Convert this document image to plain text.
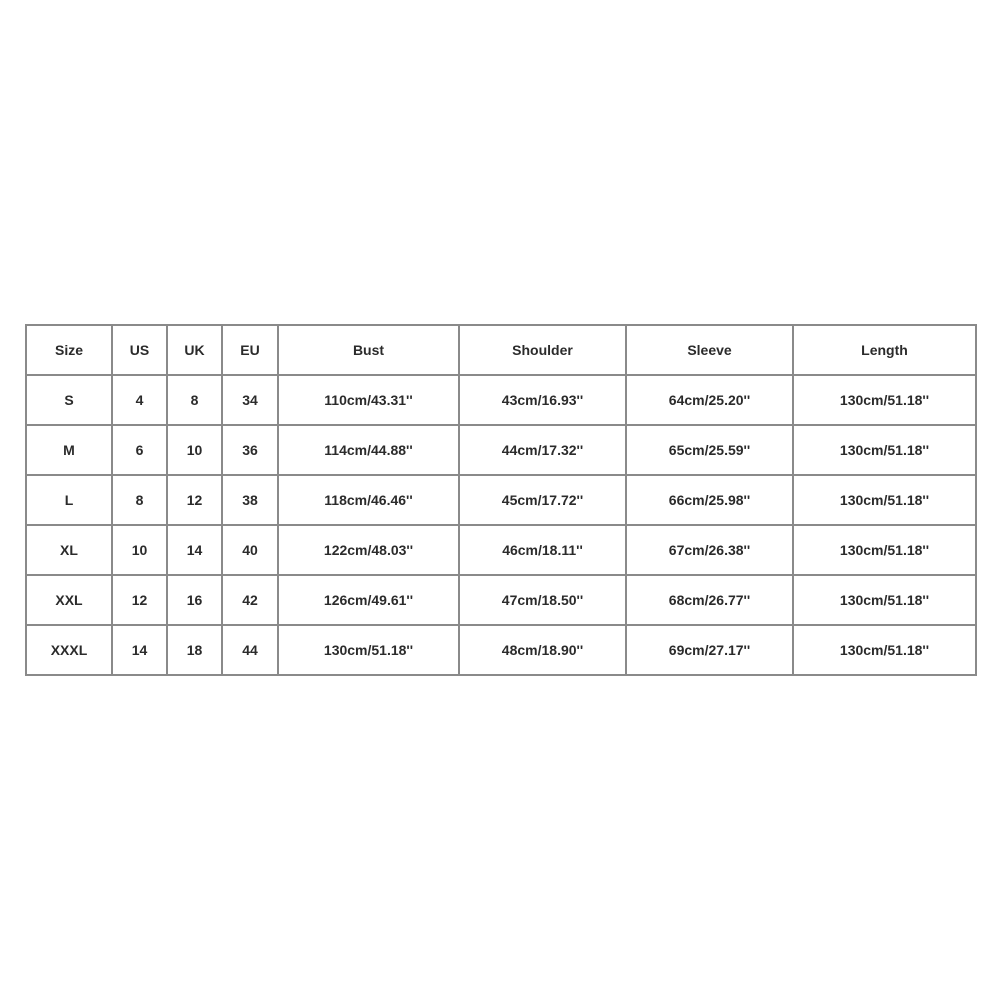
Size	US	UK	EU	Bust	Shoulder	Sleeve	Length
S	4	8	34	110cm/43.31''	43cm/16.93''	64cm/25.20''	130cm/51.18''
M	6	10	36	114cm/44.88''	44cm/17.32''	65cm/25.59''	130cm/51.18''
L	8	12	38	118cm/46.46''	45cm/17.72''	66cm/25.98''	130cm/51.18''
XL	10	14	40	122cm/48.03''	46cm/18.11''	67cm/26.38''	130cm/51.18''
XXL	12	16	42	126cm/49.61''	47cm/18.50''	68cm/26.77''	130cm/51.18''
XXXL	14	18	44	130cm/51.18''	48cm/18.90''	69cm/27.17''	130cm/51.18''
